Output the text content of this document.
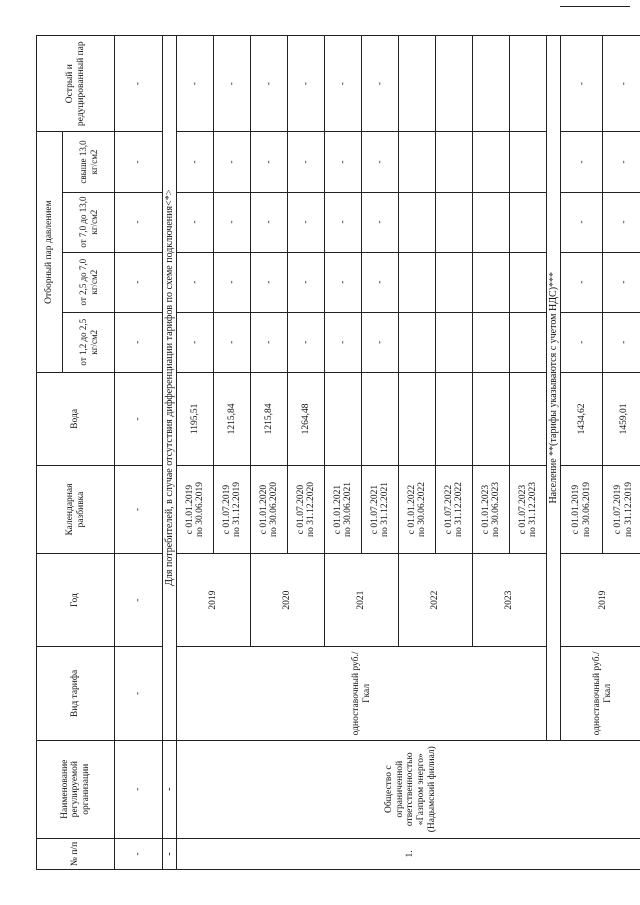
№ п/п	Наименование регулируемой организации	Вид тарифа	Год	Календарная разбивка	Вода	Отборный пар давлением				Острый и редуцированный пар
						от 1,2 до 2,5 кг/см2	от 2,5 до 7,0 кг/см2	от 7,0 до 13,0 кг/см2	свыше 13,0 кг/см2	
-	-	-	-	-	-	-	-	-	-	-
-	-	Для потребителей, в случае отсутствия дифференциации тарифов по схеме подключения<*>								
1.	Общество с ограниченной ответственностью «Газпром энерго» (Надымский филиал)	одноставочный руб./Гкал	2019	с 01.01.2019
по 30.06.2019	1195,51	-	-	-	-	-
				с 01.07.2019
по 31.12.2019	1215,84	-	-	-	-	-
			2020	с 01.01.2020
по 30.06.2020	1215,84	-	-	-	-	-
				с 01.07.2020
по 31.12.2020	1264,48	-	-	-	-	-
			2021	с 01.01.2021
по 30.06.2021		-	-	-	-	-
				с 01.07.2021
по 31.12.2021		-	-	-	-	-
			2022	с 01.01.2022
по 30.06.2022						
				с 01.07.2022
по 31.12.2022						
			2023	с 01.01.2023
по 30.06.2023						
				с 01.07.2023
по 31.12.2023						
		Население **(тарифы указываются с учетом НДС)***								
		одноставочный руб./Гкал	2019	с 01.01.2019
по 30.06.2019	1434,62	-	-	-	-	-
				с 01.07.2019
по 31.12.2019	1459,01	-	-	-	-	-
